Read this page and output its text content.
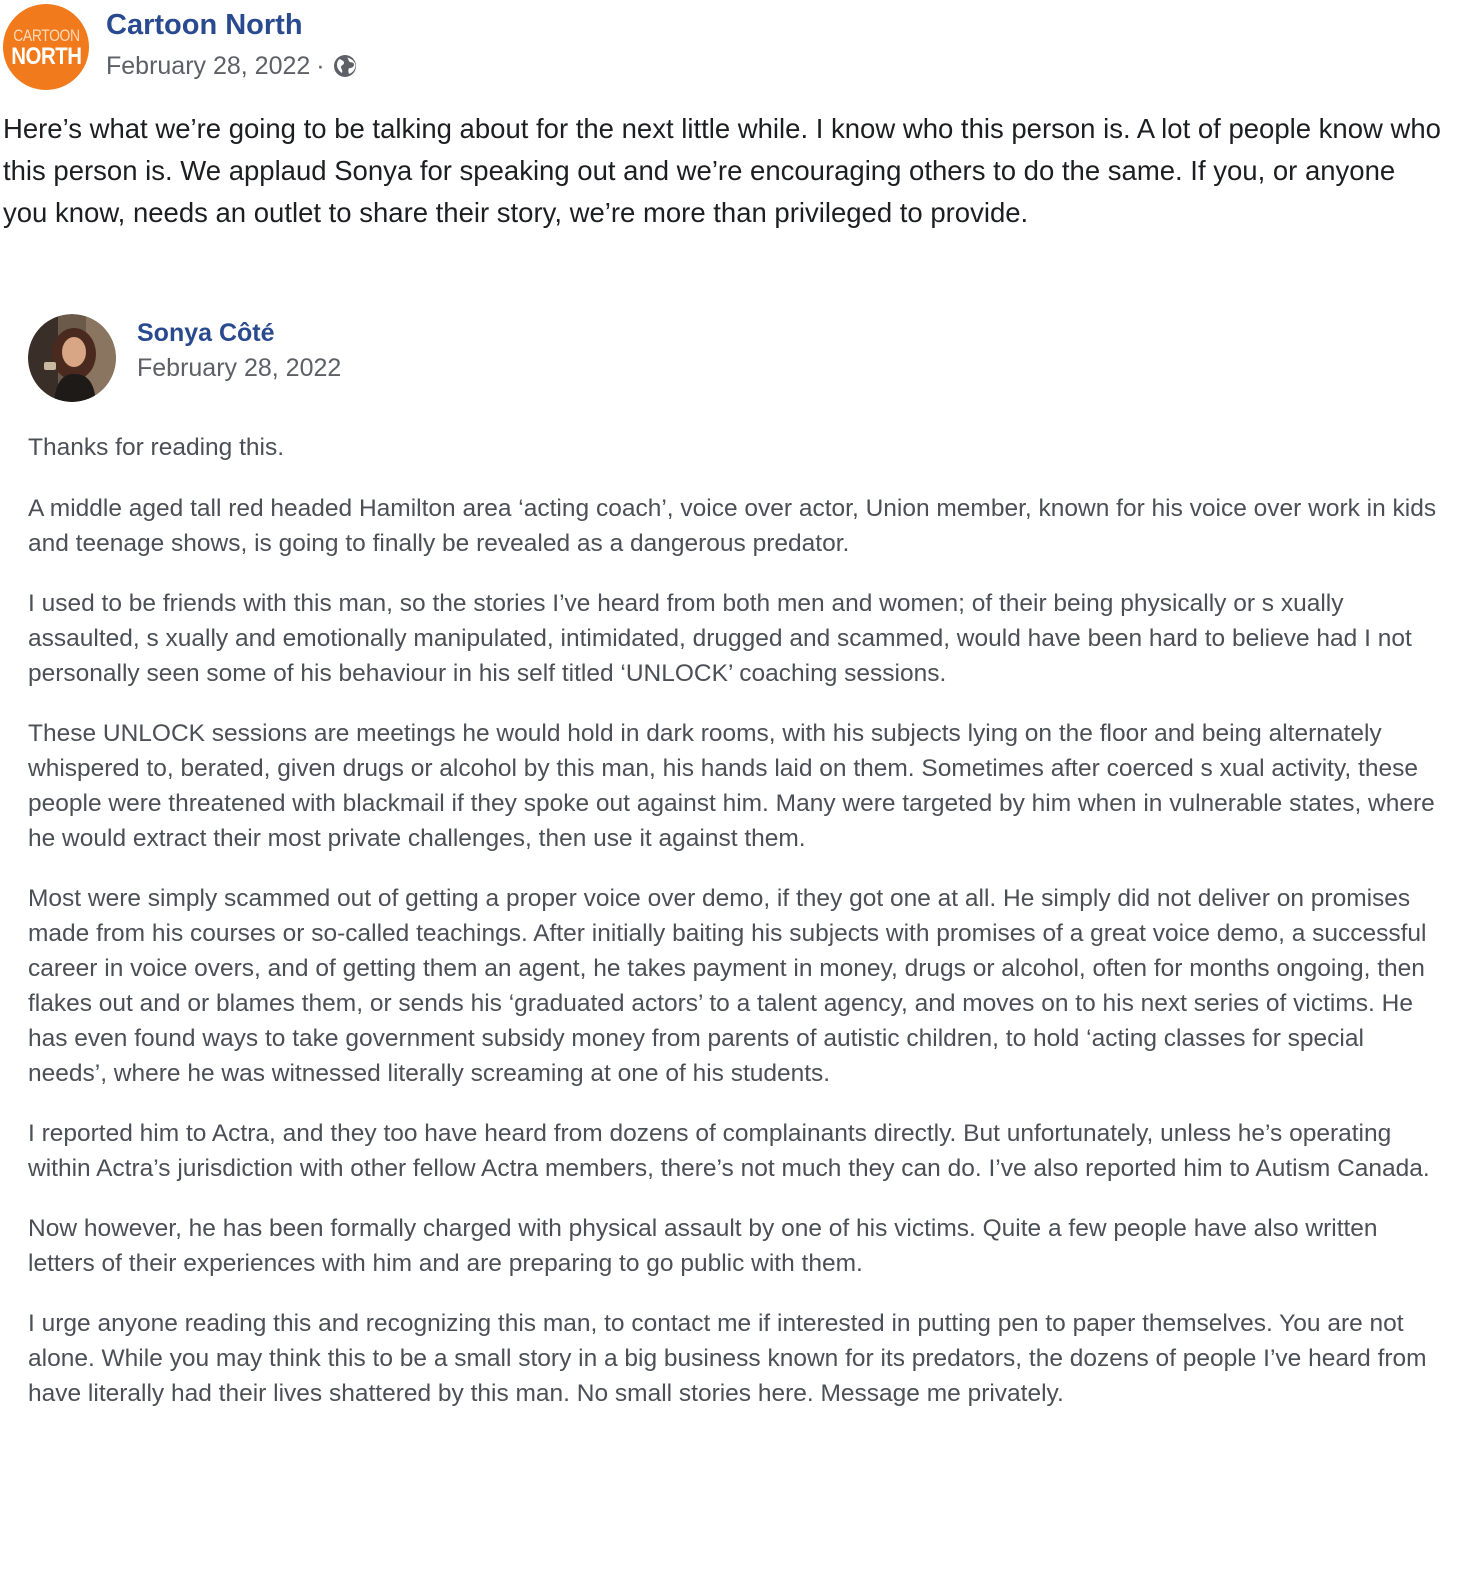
CARTOON
NORTH
Cartoon North
February 28, 2022 ·

Here’s what we’re going to be talking about for the next little while. I know who this person is. A lot of people know who this person is. We applaud Sonya for speaking out and we’re encouraging others to do the same. If you, or anyone you know, needs an outlet to share their story, we’re more than privileged to provide.

Sonya Côté
February 28, 2022

Thanks for reading this.

A middle aged tall red headed Hamilton area ‘acting coach’, voice over actor, Union member, known for his voice over work in kids and teenage shows, is going to finally be revealed as a dangerous predator.

I used to be friends with this man, so the stories I’ve heard from both men and women; of their being physically or s xually assaulted, s xually and emotionally manipulated, intimidated, drugged and scammed, would have been hard to believe had I not personally seen some of his behaviour in his self titled ‘UNLOCK’ coaching sessions.

These UNLOCK sessions are meetings he would hold in dark rooms, with his subjects lying on the floor and being alternately whispered to, berated, given drugs or alcohol by this man, his hands laid on them. Sometimes after coerced s xual activity, these people were threatened with blackmail if they spoke out against him. Many were targeted by him when in vulnerable states, where he would extract their most private challenges, then use it against them.

Most were simply scammed out of getting a proper voice over demo, if they got one at all. He simply did not deliver on promises made from his courses or so-called teachings. After initially baiting his subjects with promises of a great voice demo, a successful career in voice overs, and of getting them an agent, he takes payment in money, drugs or alcohol, often for months ongoing, then flakes out and or blames them, or sends his ‘graduated actors’ to a talent agency, and moves on to his next series of victims. He has even found ways to take government subsidy money from parents of autistic children, to hold ‘acting classes for special needs’, where he was witnessed literally screaming at one of his students.

I reported him to Actra, and they too have heard from dozens of complainants directly. But unfortunately, unless he’s operating within Actra’s jurisdiction with other fellow Actra members, there’s not much they can do. I’ve also reported him to Autism Canada.

Now however, he has been formally charged with physical assault by one of his victims. Quite a few people have also written letters of their experiences with him and are preparing to go public with them.

I urge anyone reading this and recognizing this man, to contact me if interested in putting pen to paper themselves. You are not alone. While you may think this to be a small story in a big business known for its predators, the dozens of people I’ve heard from have literally had their lives shattered by this man. No small stories here. Message me privately.
